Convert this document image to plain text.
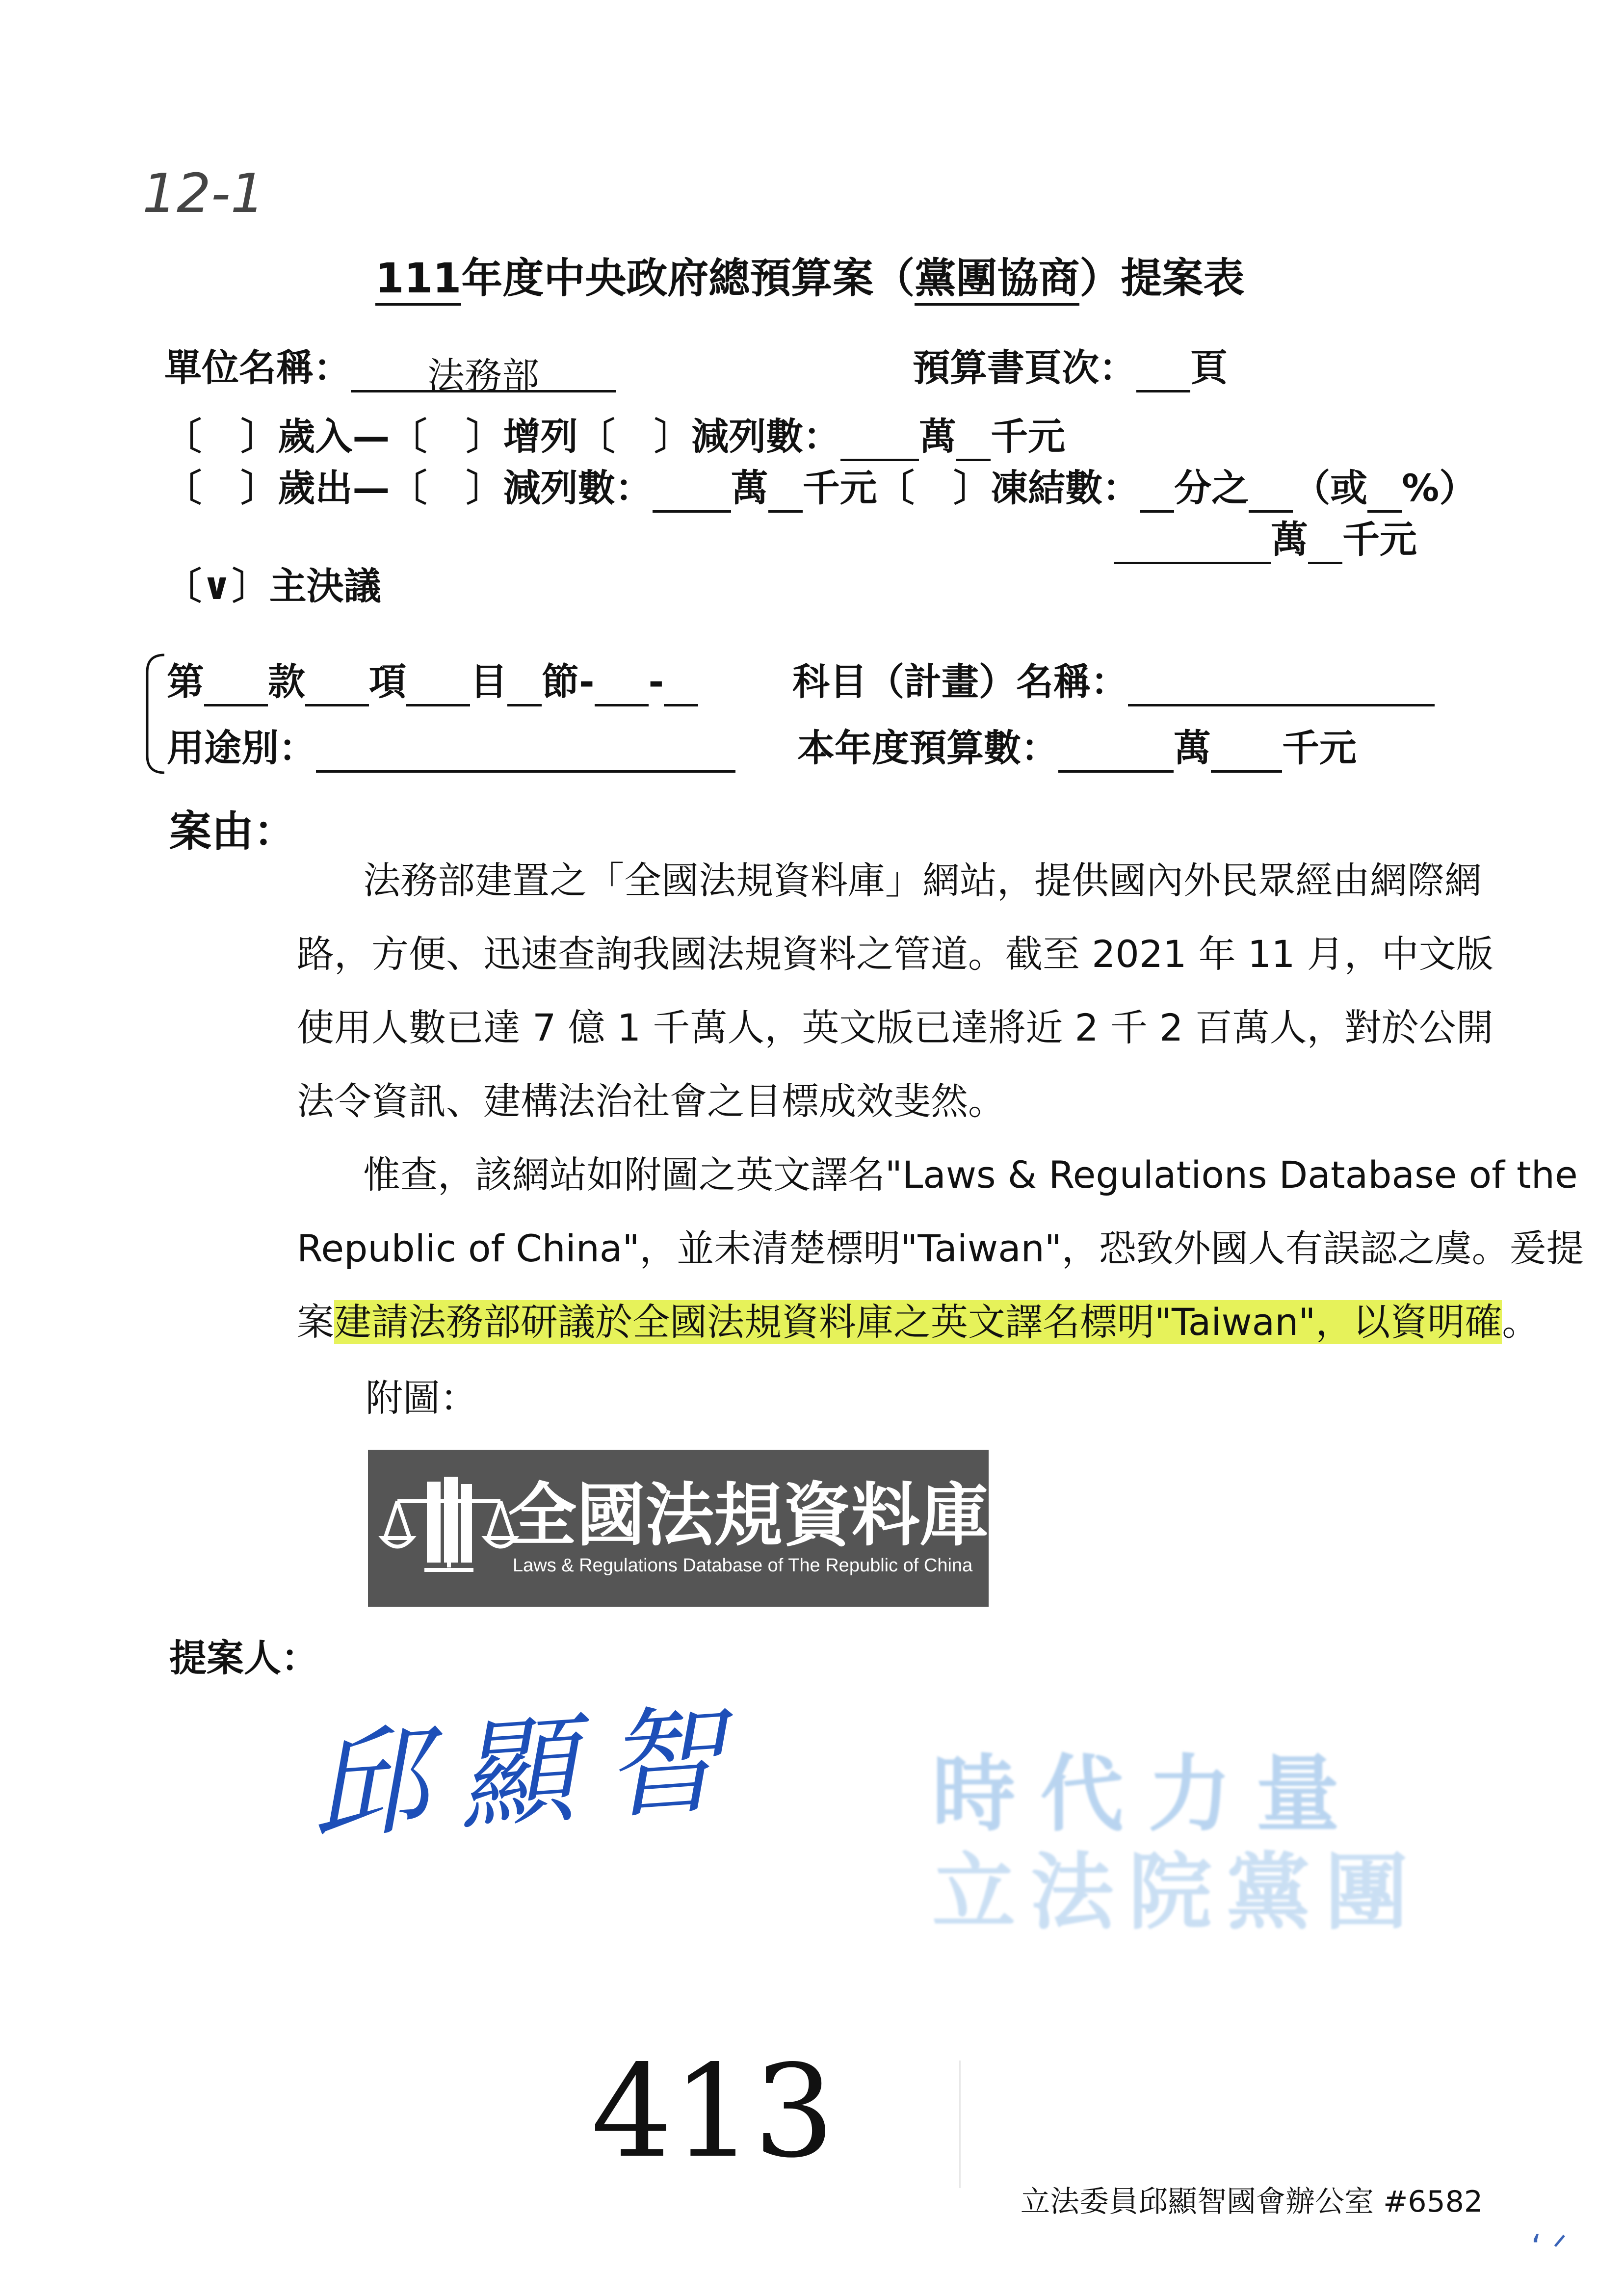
12-1
111年度中央政府總預算案（黨團協商）提案表
單位名稱： 法務部	預算書頁次： 頁
〔 〕歲入—〔 〕增列〔 〕減列數： 萬 千元
〔 〕歲出—〔 〕減列數： 萬 千元〔 〕凍結數： 分之 （或 %）
萬 千元
〔∨〕主決議
第 款 項 目 節- -	科目（計畫）名稱：
用途別：	本年度預算數：	萬 千元
案由：
法務部建置之「全國法規資料庫」網站，提供國內外民眾經由網際網
路，方便、迅速查詢我國法規資料之管道。截至 2021 年 11 月，中文版
使用人數已達 7 億 1 千萬人，英文版已達將近 2 千 2 百萬人，對於公開
法令資訊、建構法治社會之目標成效斐然。
惟查，該網站如附圖之英文譯名"Laws & Regulations Database of the
Republic of China"，並未清楚標明"Taiwan"，恐致外國人有誤認之虞。爰提
案建請法務部研議於全國法規資料庫之英文譯名標明"Taiwan"，以資明確。
附圖：
全國法規資料庫
Laws & Regulations Database of The Republic of China
提案人：
邱顯智 時代力量
立法院黨團
413
立法委員邱顯智國會辦公室 #6582
‘ ᐟ
